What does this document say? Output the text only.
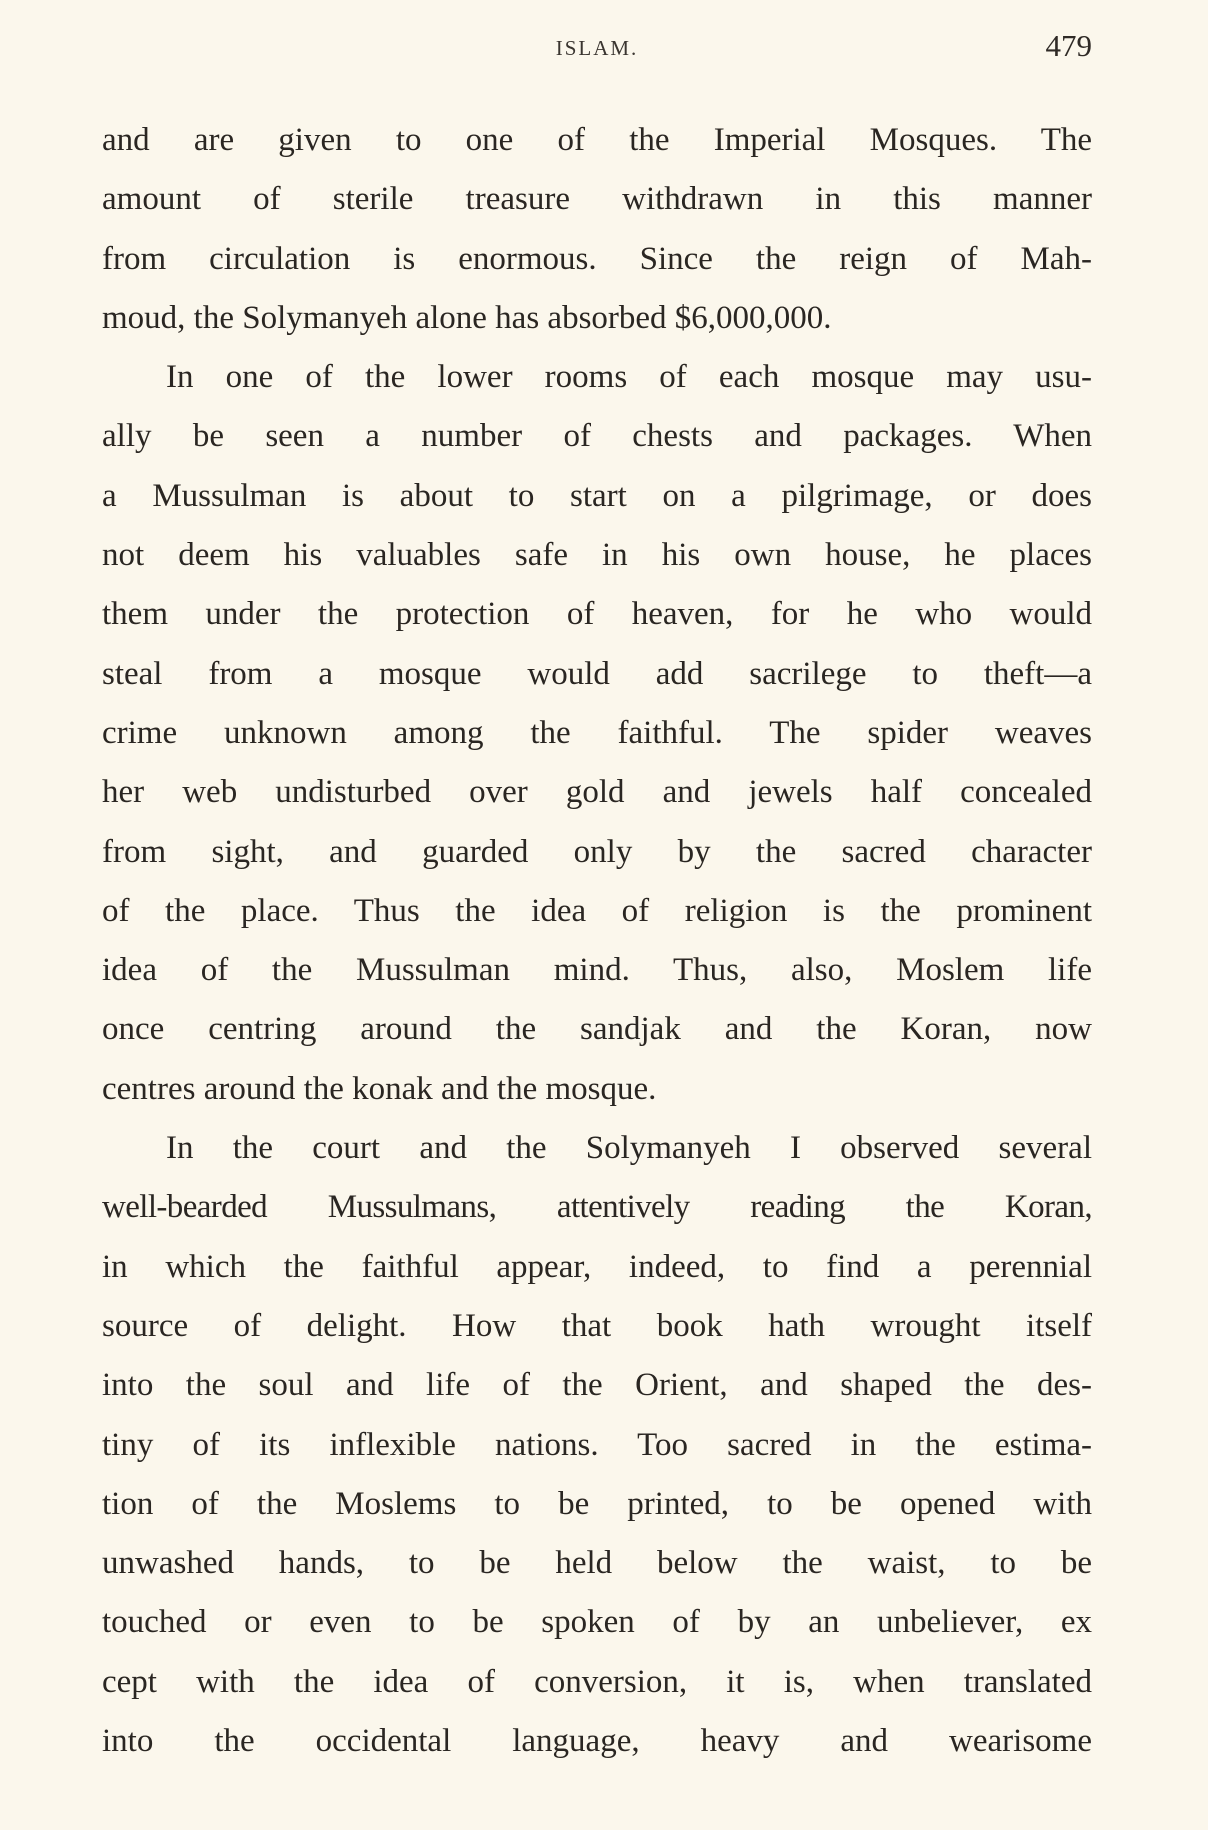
ISLAM.	479
and are given to one of the Imperial Mosques. The
amount of sterile treasure withdrawn in this manner
from circulation is enormous. Since the reign of Mah-
moud, the Solymanyeh alone has absorbed $6,000,000.
In one of the lower rooms of each mosque may usu-
ally be seen a number of chests and packages. When
a Mussulman is about to start on a pilgrimage, or does
not deem his valuables safe in his own house, he places
them under the protection of heaven, for he who would
steal from a mosque would add sacrilege to theft—a
crime unknown among the faithful. The spider weaves
her web undisturbed over gold and jewels half concealed
from sight, and guarded only by the sacred character
of the place. Thus the idea of religion is the prominent
idea of the Mussulman mind. Thus, also, Moslem life
once centring around the sandjak and the Koran, now
centres around the konak and the mosque.
In the court and the Solymanyeh I observed several
well-bearded Mussulmans, attentively reading the Koran,
in which the faithful appear, indeed, to find a perennial
source of delight. How that book hath wrought itself
into the soul and life of the Orient, and shaped the des-
tiny of its inflexible nations. Too sacred in the estima-
tion of the Moslems to be printed, to be opened with
unwashed hands, to be held below the waist, to be
touched or even to be spoken of by an unbeliever, ex
cept with the idea of conversion, it is, when translated
into the occidental language, heavy and wearisome
